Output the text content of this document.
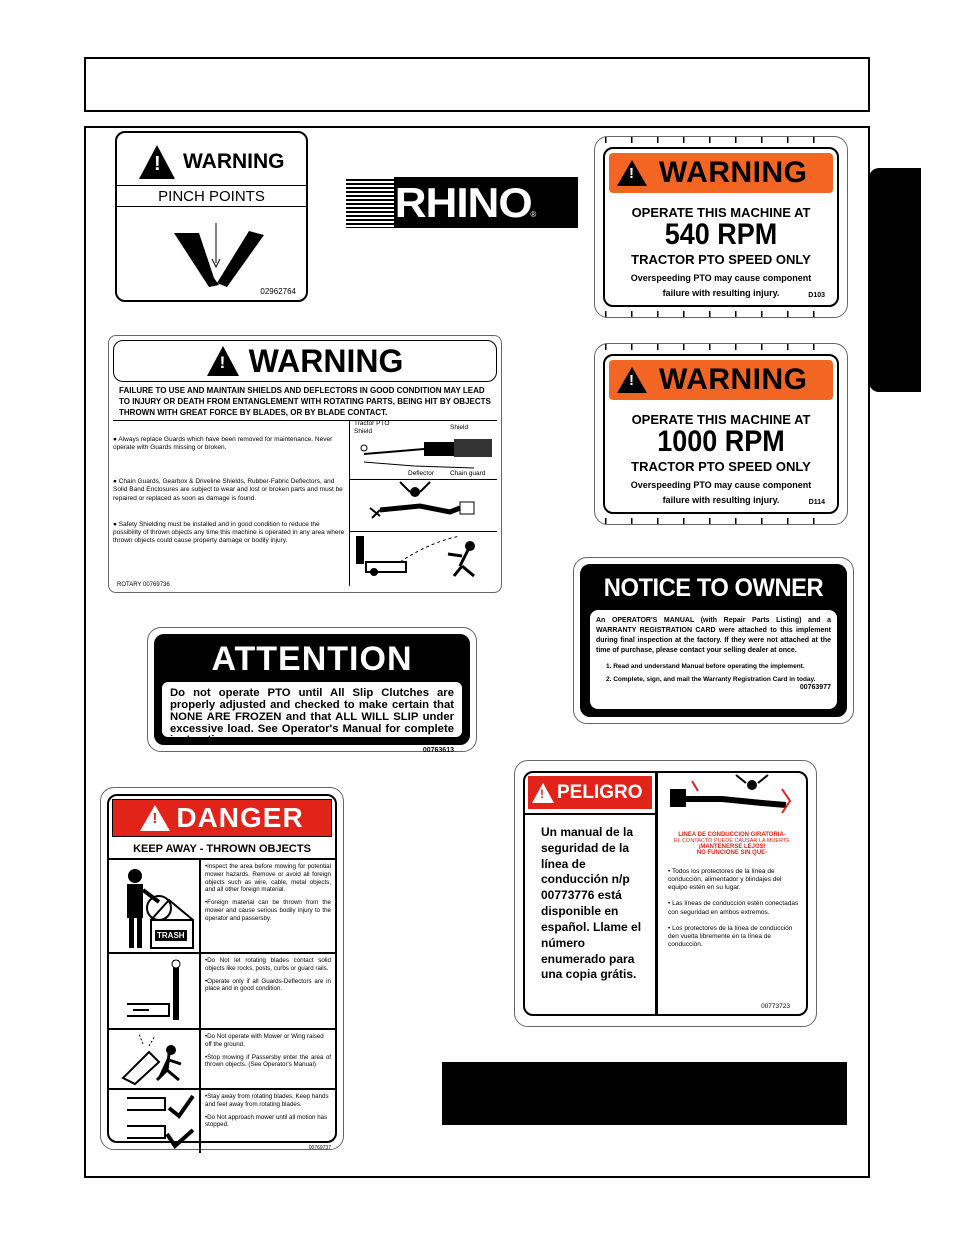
! WARNING
PINCH POINTS
02962764
RHINO
®
! WARNING
OPERATE THIS MACHINE AT
540 RPM
TRACTOR PTO SPEED ONLY
Overspeeding PTO may cause component
failure with resulting injury.	D103
! WARNING
OPERATE THIS MACHINE AT
1000 RPM
TRACTOR PTO SPEED ONLY
Overspeeding PTO may cause component
failure with resulting injury.	D114
! WARNING
FAILURE TO USE AND MAINTAIN SHIELDS AND DEFLECTORS IN GOOD CONDITION MAY LEAD TO INJURY OR DEATH FROM ENTANGLEMENT WITH ROTATING PARTS, BEING HIT BY OBJECTS THROWN WITH GREAT FORCE BY BLADES, OR BY BLADE CONTACT.
● Always replace Guards which have been removed for maintenance. Never operate with Guards missing or broken.
● Chain Guards, Gearbox & Driveline Shields, Rubber-Fabric Deflectors, and Solid Band Enclosures are subject to wear and lost or broken parts and must be repaired or replaced as soon as damage is found.
● Safety Shielding must be installed and in good condition to reduce the possibility of thrown objects any time this machine is operated in any area where thrown objects could cause property damage or bodily injury.
ROTARY 00769736
Tractor PTO
Shield
Shield
Deflector Chain guard
NOTICE TO OWNER
An OPERATOR'S MANUAL (with Repair Parts Listing) and a WARRANTY REGISTRATION CARD were attached to this implement during final inspection at the factory. If they were not attached at the time of purchase, please contact your selling dealer at once.
1. Read and understand Manual before operating the implement.
2. Complete, sign, and mail the Warranty Registration Card in today.
00763977
ATTENTION
Do not operate PTO until All Slip Clutches are properly adjusted and checked to make certain that NONE ARE FROZEN and that ALL WILL SLIP under excessive load. See Operator's Manual for complete instructions.
00763613
! DANGER
KEEP AWAY - THROWN OBJECTS
TRASH
•Inspect the area before mowing for potential mower hazards. Remove or avoid all foreign objects such as wire, cable, metal objects, and all other foreign material.
•Foreign material can be thrown from the mower and cause serious bodily injury to the operator and passersby.
•Do Not let rotating blades contact solid objects like rocks, posts, curbs or guard rails.
•Operate only if all Guards-Deflectors are in place and in good condition.
•Do Not operate with Mower or Wing raised off the ground.
•Stop mowing if Passersby enter the area of thrown objects. (See Operator's Manual)
•Stay away from rotating blades. Keep hands and feet away from rotating blades.
•Do Not approach mower until all motion has stopped.
00769737
! PELIGRO
Un manual de la seguridad de la línea de conducción n/p 00773776 está disponible en español. Llame el número enumerado para una copia grátis.
LINEA DE CONDUCCION GIRATORIA-
EL CONTACTO PUEDE CAUSAR LA MUERTE
¡MANTENERSE LEJOS!
NO FUNCIONE SIN QUE-
• Todos los protectores de la línea de conducción, alimentador y blindajes del equipo estén en su lugar.
• Las líneas de conducción estén conectadas con seguridad en ambos extremos.
• Los protectores de la línea de conducción den vuelta libremente en la línea de conducción.
00773723
